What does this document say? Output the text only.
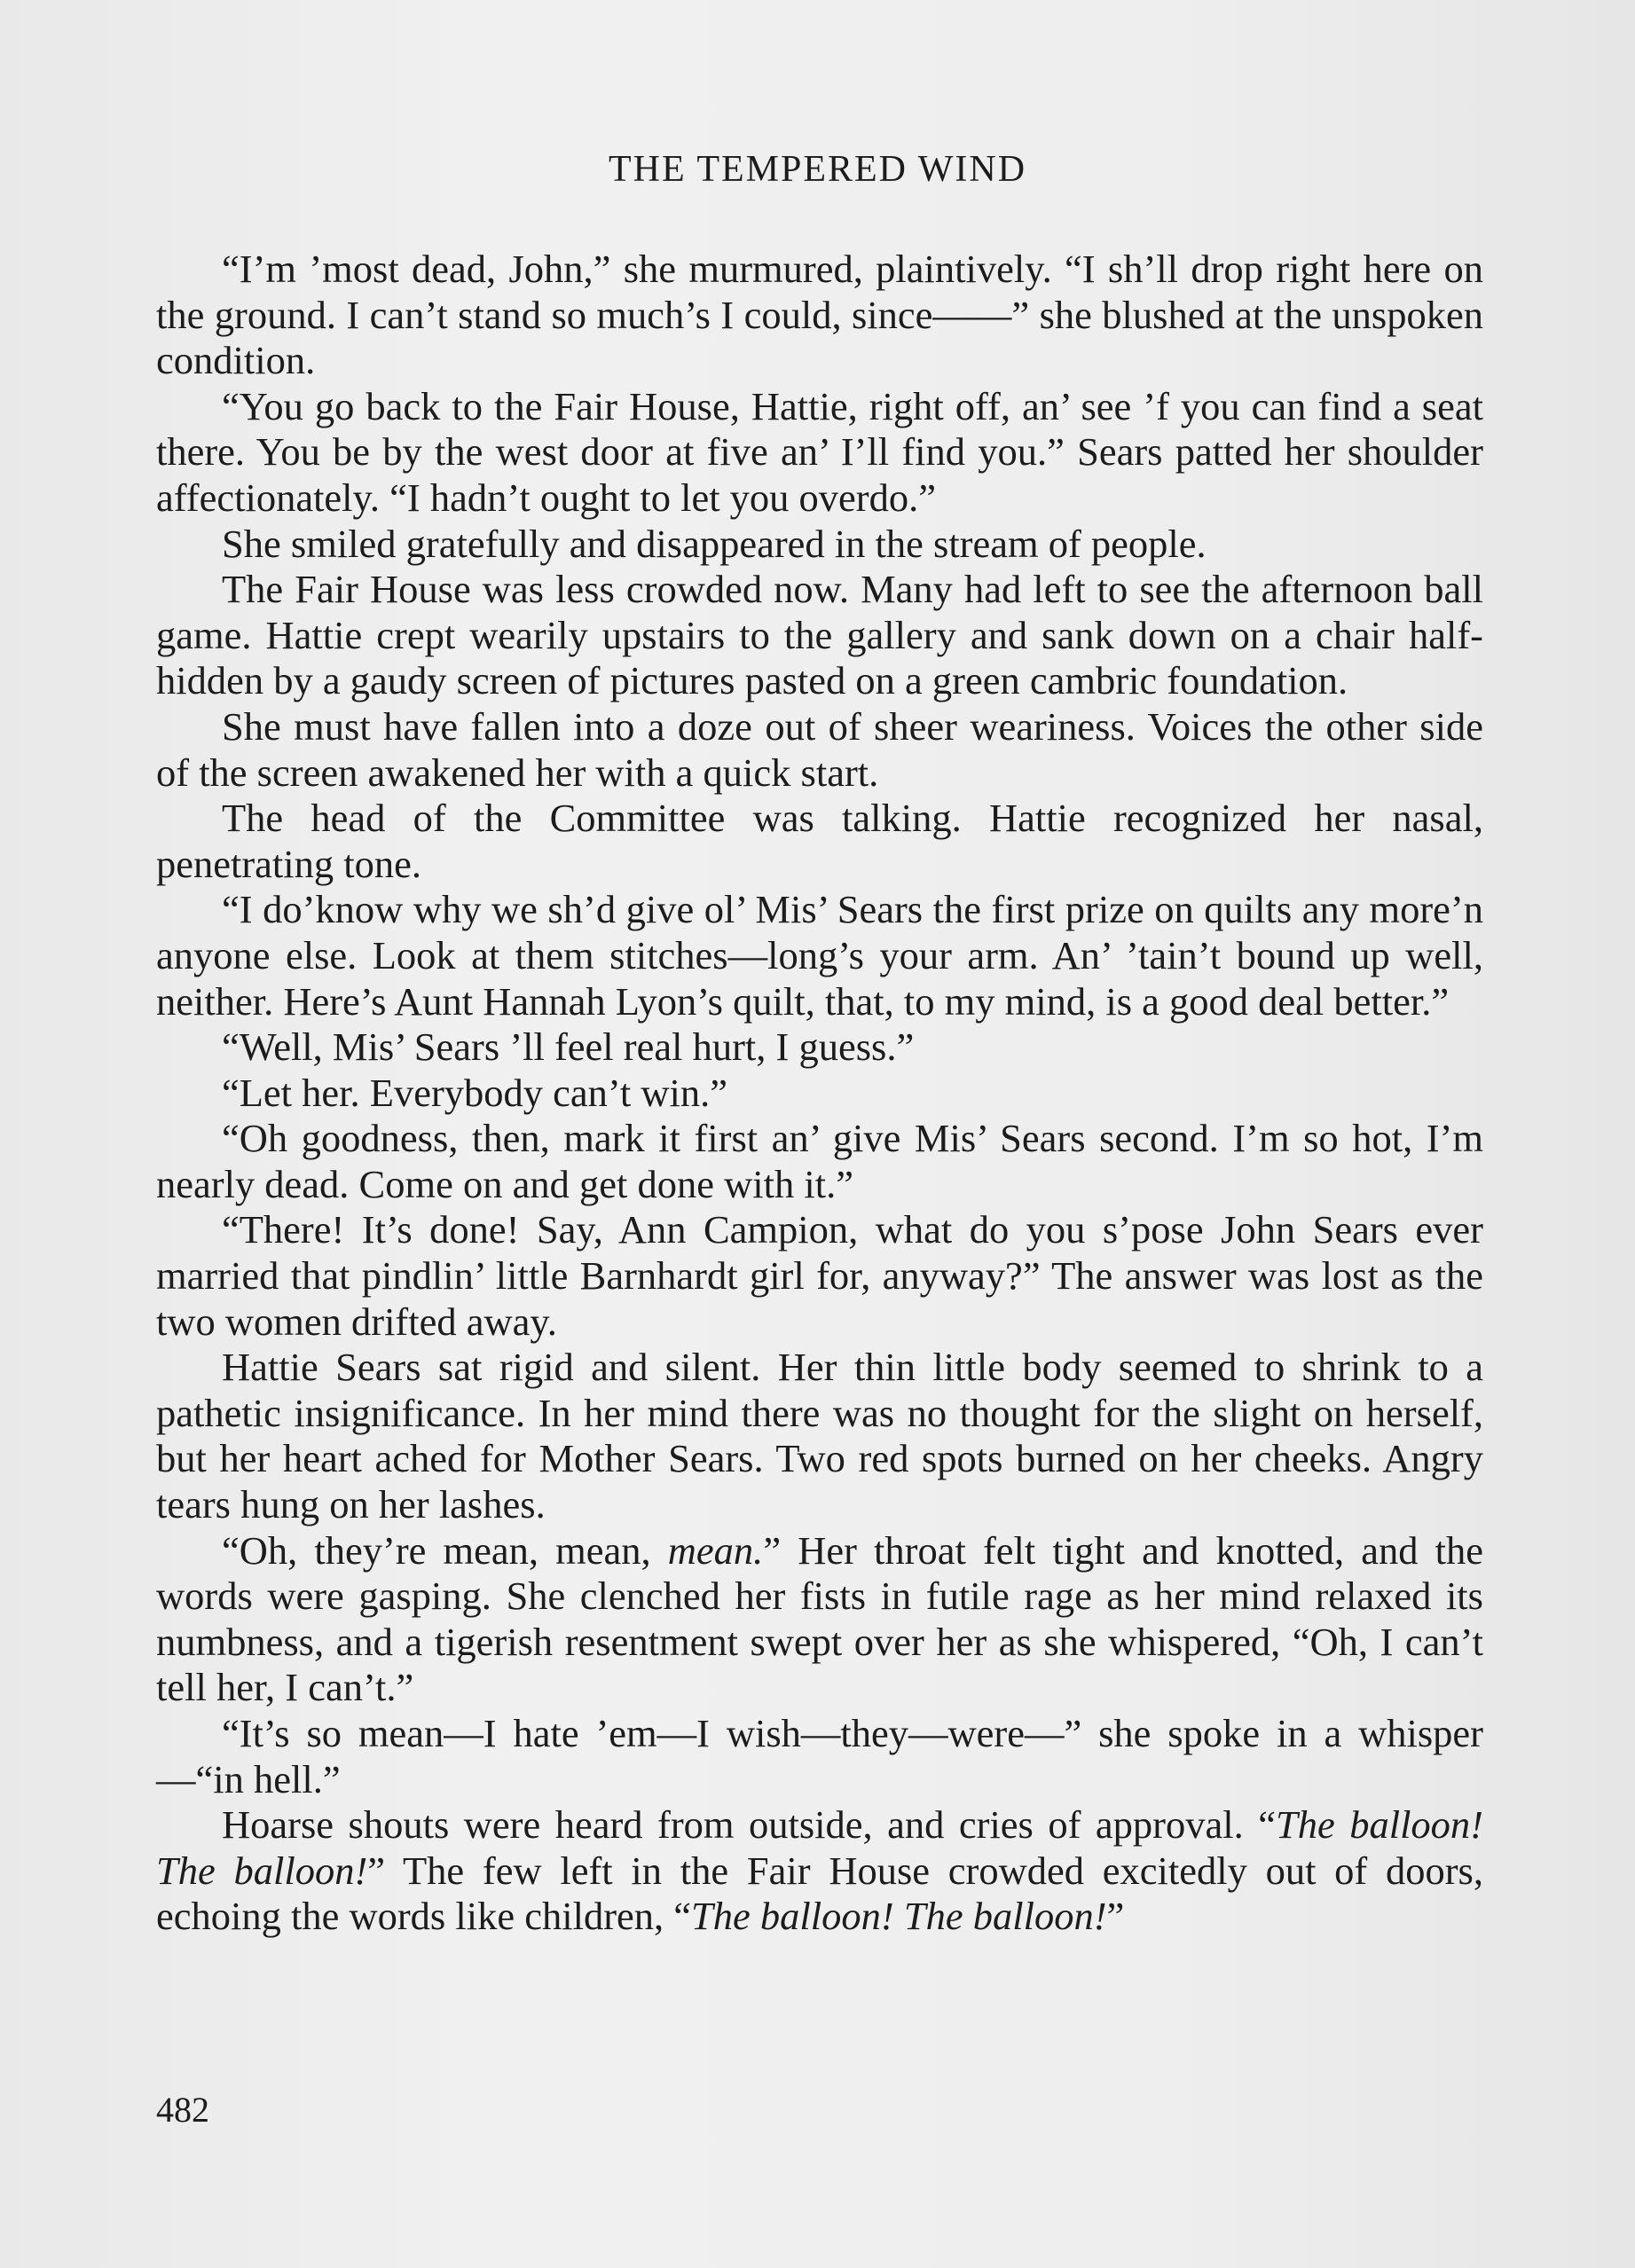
THE TEMPERED WIND

“I’m ’most dead, John,” she murmured, plaintively. “I sh’ll drop right here on the ground. I can’t stand so much’s I could, since——” she blushed at the unspoken condition.

“You go back to the Fair House, Hattie, right off, an’ see ’f you can find a seat there. You be by the west door at five an’ I’ll find you.” Sears patted her shoulder affectionately. “I hadn’t ought to let you overdo.”

She smiled gratefully and disappeared in the stream of people.

The Fair House was less crowded now. Many had left to see the afternoon ball game. Hattie crept wearily upstairs to the gallery and sank down on a chair half-hidden by a gaudy screen of pictures pasted on a green cambric foundation.

She must have fallen into a doze out of sheer weariness. Voices the other side of the screen awakened her with a quick start.

The head of the Committee was talking. Hattie recognized her nasal, penetrating tone.

“I do’know why we sh’d give ol’ Mis’ Sears the first prize on quilts any more’n anyone else. Look at them stitches—long’s your arm. An’ ’tain’t bound up well, neither. Here’s Aunt Hannah Lyon’s quilt, that, to my mind, is a good deal better.”

“Well, Mis’ Sears ’ll feel real hurt, I guess.”

“Let her. Everybody can’t win.”

“Oh goodness, then, mark it first an’ give Mis’ Sears second. I’m so hot, I’m nearly dead. Come on and get done with it.”

“There! It’s done! Say, Ann Campion, what do you s’pose John Sears ever married that pindlin’ little Barnhardt girl for, anyway?” The answer was lost as the two women drifted away.

Hattie Sears sat rigid and silent. Her thin little body seemed to shrink to a pathetic insignificance. In her mind there was no thought for the slight on herself, but her heart ached for Mother Sears. Two red spots burned on her cheeks. Angry tears hung on her lashes.

“Oh, they’re mean, mean, mean.” Her throat felt tight and knotted, and the words were gasping. She clenched her fists in futile rage as her mind relaxed its numbness, and a tigerish resentment swept over her as she whispered, “Oh, I can’t tell her, I can’t.”

“It’s so mean—I hate ’em—I wish—they—were—” she spoke in a whisper—“in hell.”

Hoarse shouts were heard from outside, and cries of approval. “The balloon! The balloon!” The few left in the Fair House crowded excitedly out of doors, echoing the words like children, “The balloon! The balloon!”

482
